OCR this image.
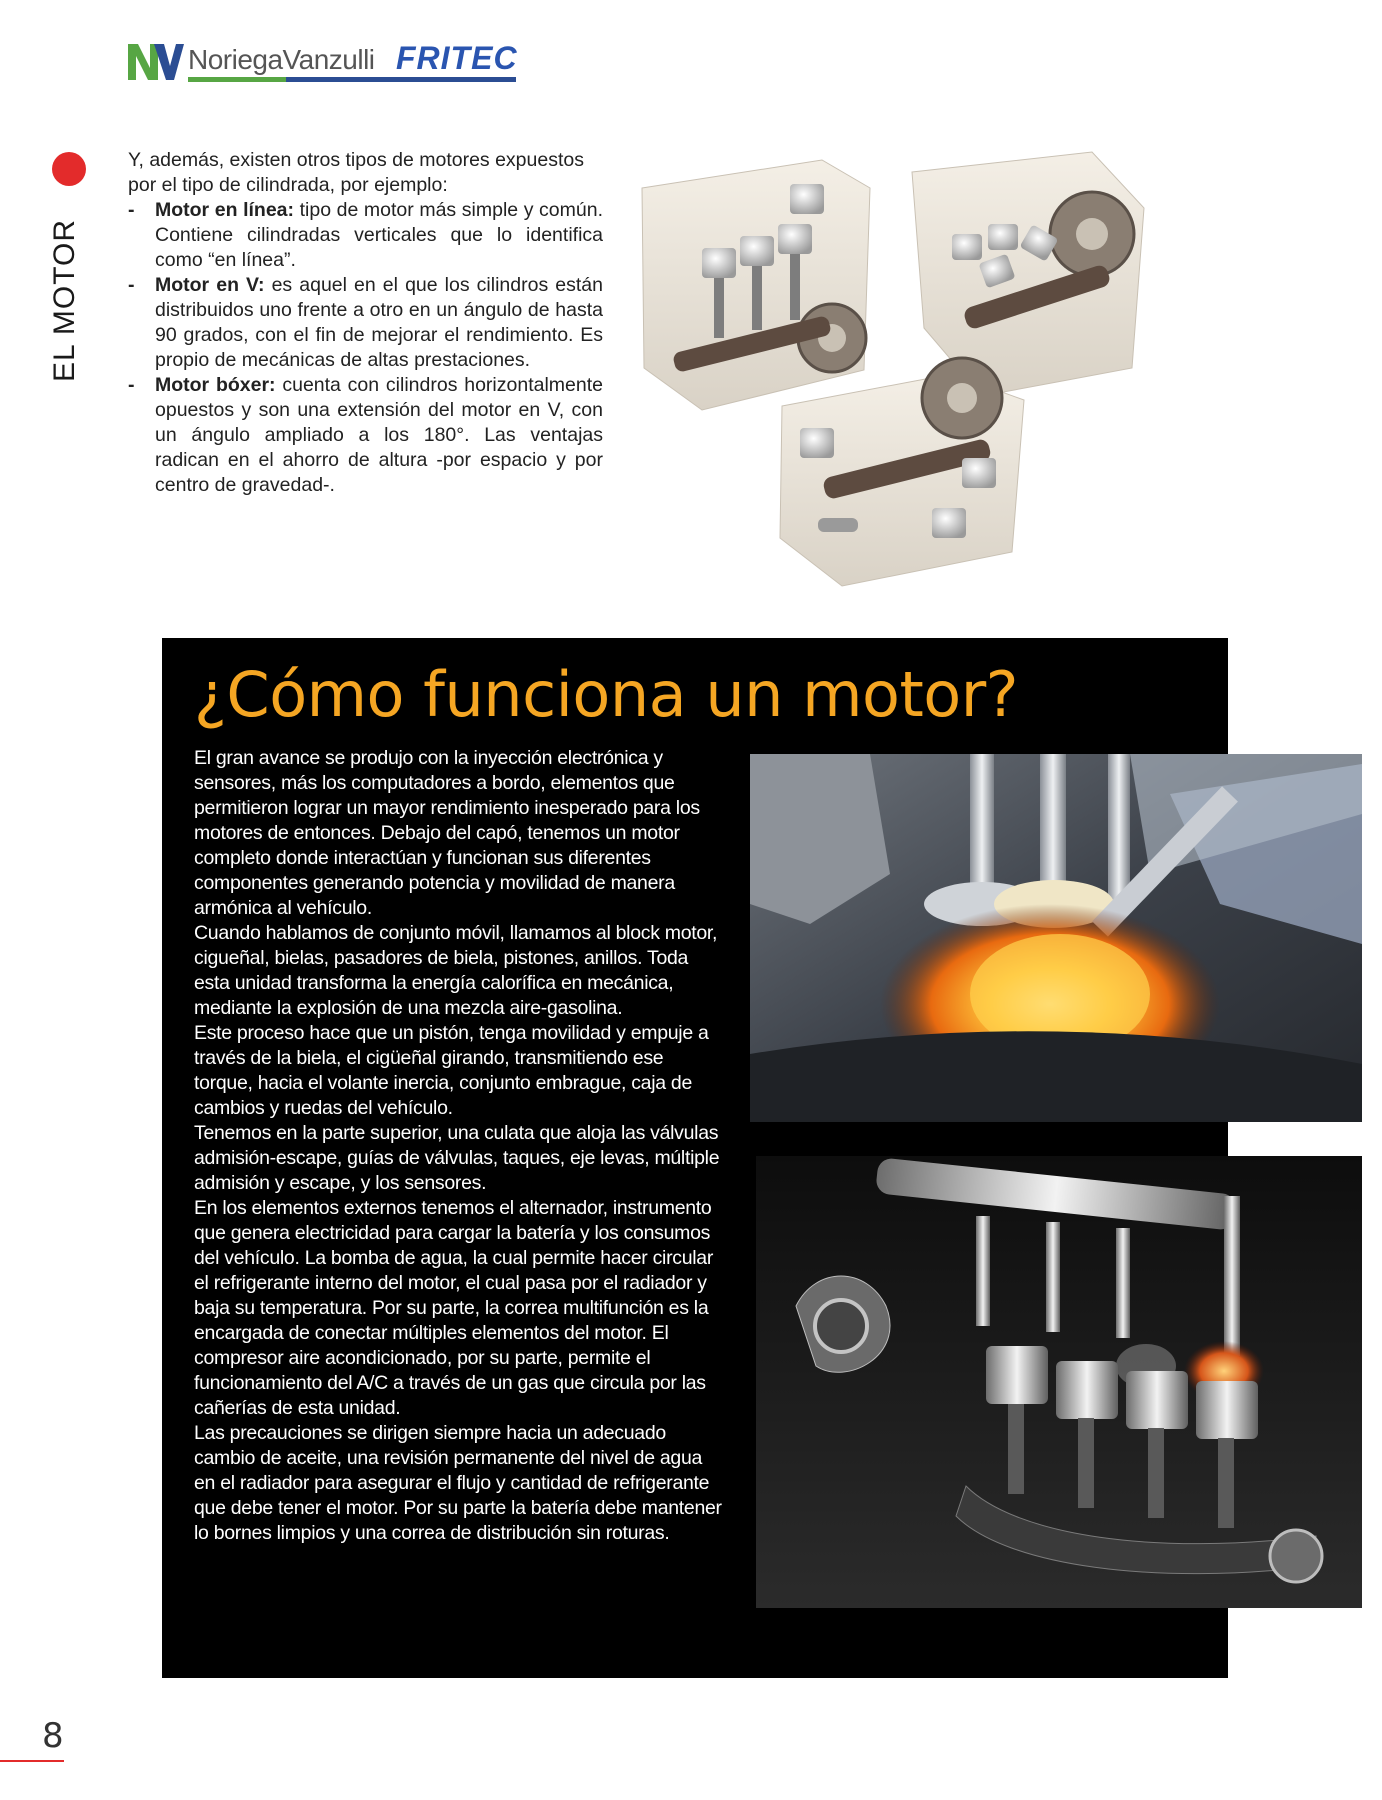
NoriegaVanzulli FRITEC
EL MOTOR

Y, además, existen otros tipos de motores expuestos por el tipo de cilindrada, por ejemplo:

- Motor en línea: tipo de motor más simple y común. Contiene cilindradas verticales que lo identifica como “en línea”.
- Motor en V: es aquel en el que los cilindros están distribuidos uno frente a otro en un ángulo de hasta 90 grados, con el fin de mejorar el rendimiento. Es propio de mecánicas de altas prestaciones.
- Motor bóxer: cuenta con cilindros horizontalmente opuestos y son una extensión del motor en V, con un ángulo ampliado a los 180°. Las ventajas radican en el ahorro de altura -por espacio y por centro de gravedad-.
¿Cómo funciona un motor?

El gran avance se produjo con la inyección electrónica y sensores, más los computadores a bordo, elementos que permitieron lograr un mayor rendimiento inesperado para los motores de entonces. Debajo del capó, tenemos un motor completo donde interactúan y funcionan sus diferentes componentes generando potencia y movilidad de manera armónica al vehículo.

Cuando hablamos de conjunto móvil, llamamos al block motor, cigueñal, bielas, pasadores de biela, pistones, anillos. Toda esta unidad transforma la energía calorífica en mecánica, mediante la explosión de una mezcla aire-gasolina.

Este proceso hace que un pistón, tenga movilidad y empuje a través de la biela, el cigüeñal girando, transmitiendo ese torque, hacia el volante inercia, conjunto embrague, caja de cambios y ruedas del vehículo.

Tenemos en la parte superior, una culata que aloja las válvulas admisión-escape, guías de válvulas, taques, eje levas, múltiple admisión y escape, y los sensores.

En los elementos externos tenemos el alternador, instrumento que genera electricidad para cargar la batería y los consumos del vehículo. La bomba de agua, la cual permite hacer circular el refrigerante interno del motor, el cual pasa por el radiador y baja su temperatura. Por su parte, la correa multifunción es la encargada de conectar múltiples elementos del motor. El compresor aire acondicionado, por su parte, permite el funcionamiento del A/C a través de un gas que circula por las cañerías de esta unidad.

Las precauciones se dirigen siempre hacia un adecuado cambio de aceite, una revisión permanente del nivel de agua en el radiador para asegurar el flujo y cantidad de refrigerante que debe tener el motor. Por su parte la batería debe mantener lo bornes limpios y una correa de distribución sin roturas.

8
